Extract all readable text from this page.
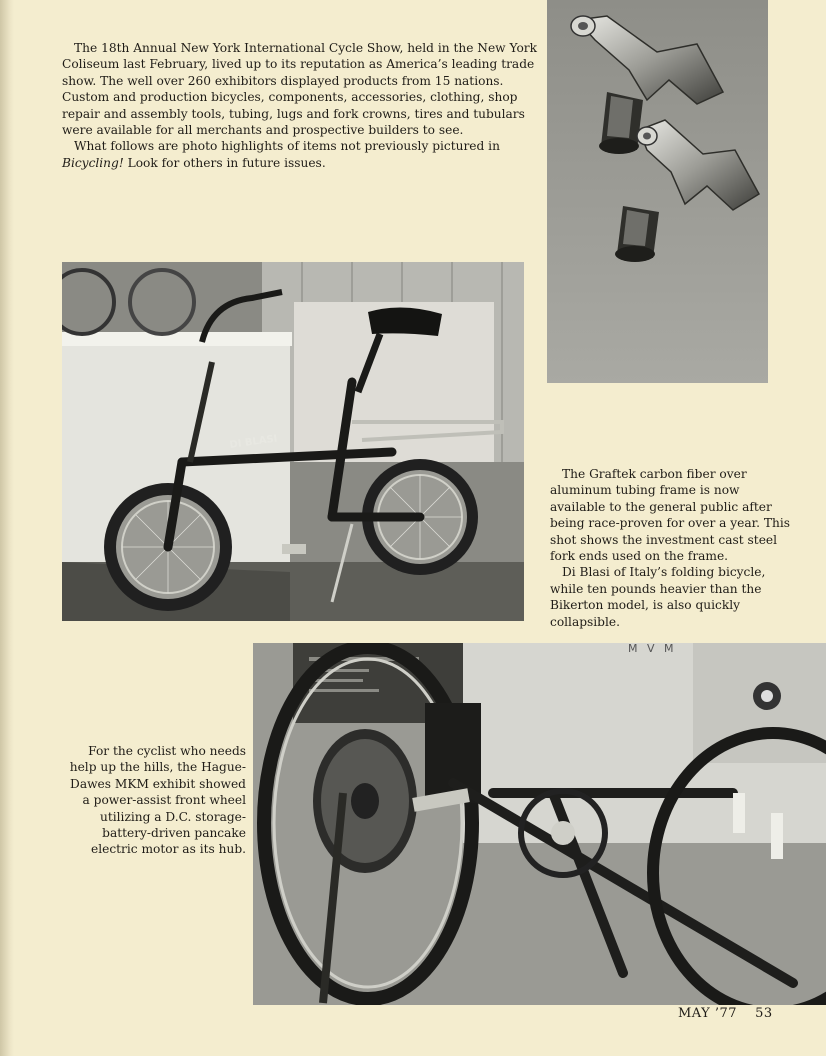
The 18th Annual New York International Cycle Show, held in the New York Coliseum last February, lived up to its reputation as America’s leading trade show. The well over 260 exhibitors displayed products from 15 nations. Custom and production bicycles, components, accessories, clothing, shop repair and assembly tools, tubing, lugs and fork crowns, tires and tubulars were available for all merchants and prospective builders to see.

What follows are photo highlights of items not previously pictured in Bicycling! Look for others in future issues.

DI BLASI

The Graftek carbon fiber over aluminum tubing frame is now available to the general public after being race-proven for over a year. This shot shows the investment cast steel fork ends used on the frame.

Di Blasi of Italy’s folding bicycle, while ten pounds heavier than the Bikerton model, is also quickly collapsible.

M V M

For the cyclist who needs help up the hills, the Hague-Dawes MKM exhibit showed a power-assist front wheel utilizing a D.C. storage-battery-driven pancake electric motor as its hub.

MAY ’77 53
